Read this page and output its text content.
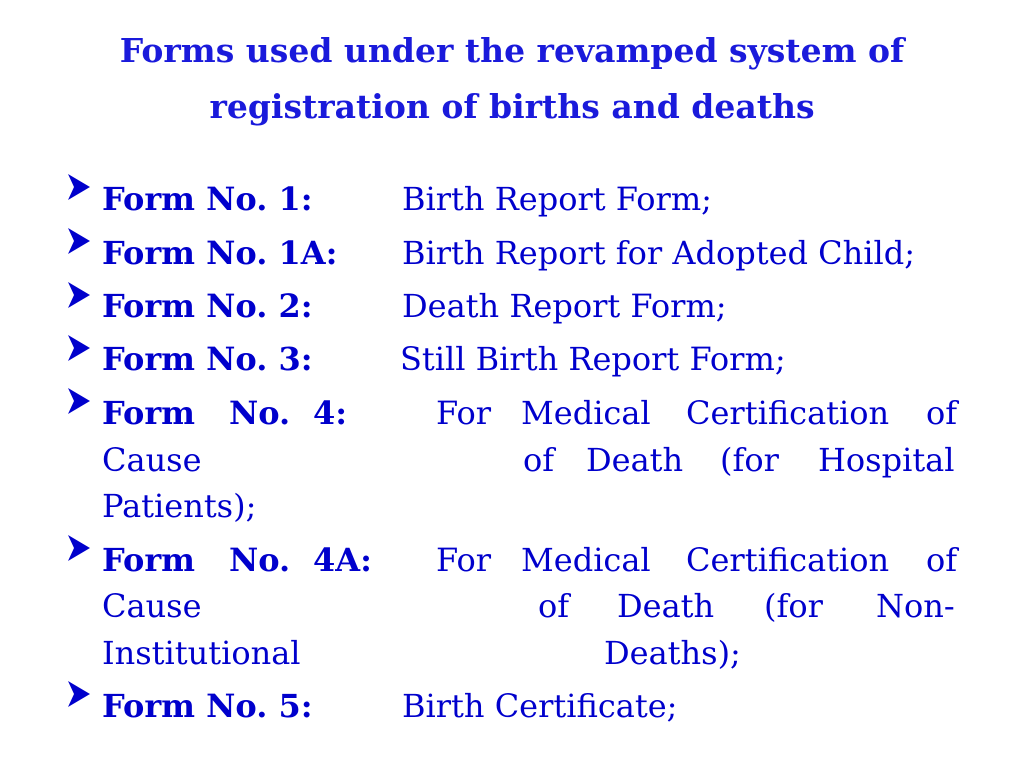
Forms used under the revamped system of
registration of births and deaths
Form No. 1:	Birth Report Form;
Form No. 1A: Birth Report for Adopted Child;
Form No. 2:	Death Report Form;
Form No. 3:	Still Birth Report Form;
Form No. 4:	For Medical Certification of
Cause	of Death (for Hospital
Patients);
Form No. 4A: For Medical Certification of
Cause	of Death (for Non-
Institutional	Deaths);
Form No. 5:	Birth Certificate;
